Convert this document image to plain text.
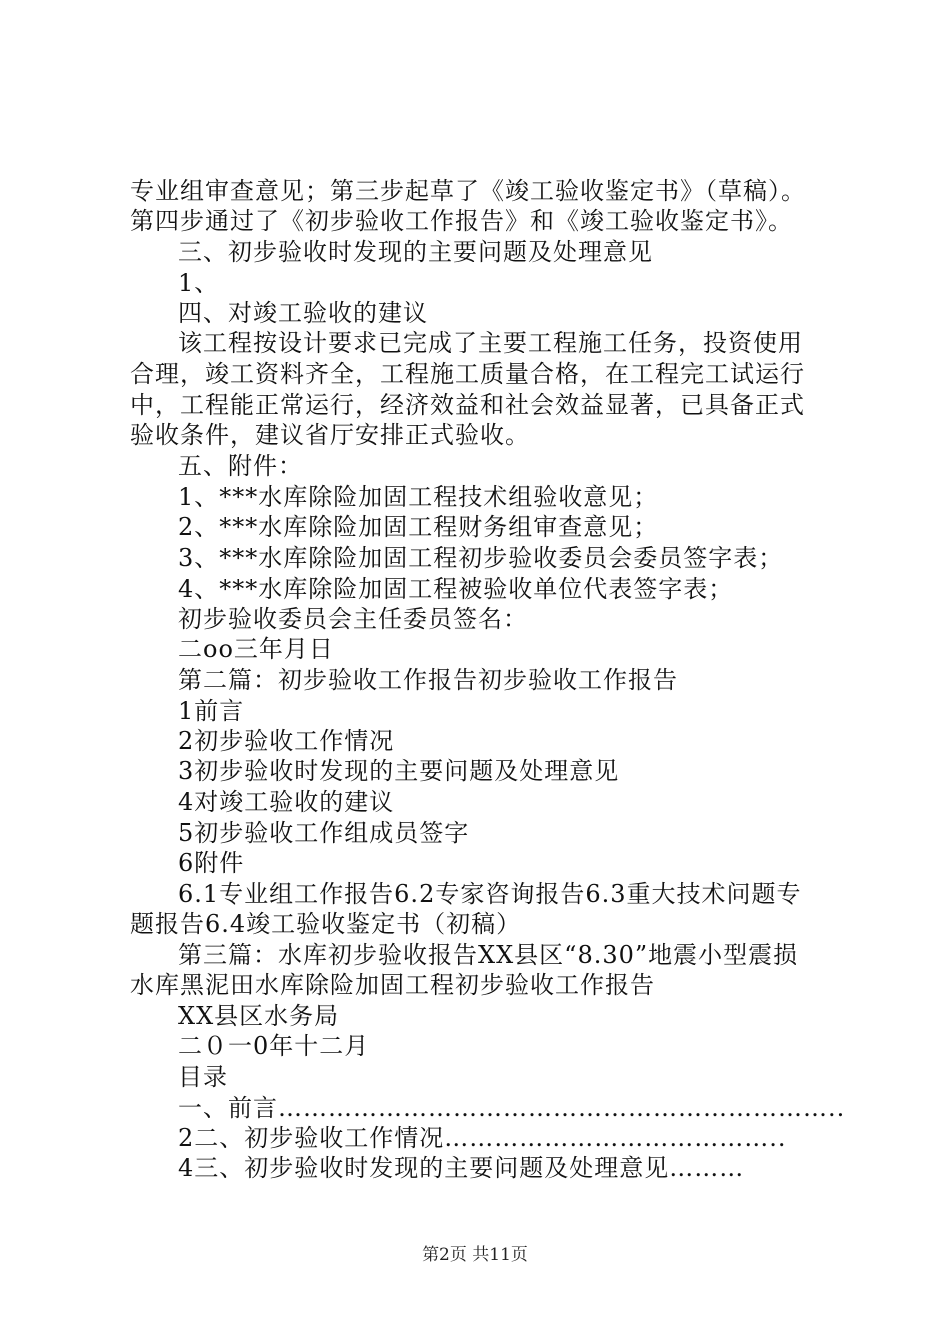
专业组审查意见；第三步起草了《竣工验收鉴定书》（草稿）。
第四步通过了《初步验收工作报告》和《竣工验收鉴定书》。
三、初步验收时发现的主要问题及处理意见
1、
四、对竣工验收的建议
该工程按设计要求已完成了主要工程施工任务，投资使用
合理，竣工资料齐全，工程施工质量合格，在工程完工试运行
中，工程能正常运行，经济效益和社会效益显著，已具备正式
验收条件，建议省厅安排正式验收。
五、附件：
1、***水库除险加固工程技术组验收意见；
2、***水库除险加固工程财务组审查意见；
3、***水库除险加固工程初步验收委员会委员签字表；
4、***水库除险加固工程被验收单位代表签字表；
初步验收委员会主任委员签名：
二oo三年月日
第二篇：初步验收工作报告初步验收工作报告
1前言
2初步验收工作情况
3初步验收时发现的主要问题及处理意见
4对竣工验收的建议
5初步验收工作组成员签字
6附件
6.1专业组工作报告6.2专家咨询报告6.3重大技术问题专
题报告6.4竣工验收鉴定书（初稿）
第三篇：水库初步验收报告XX县区“8.30”地震小型震损
水库黑泥田水库除险加固工程初步验收工作报告
XX县区水务局
二０一0年十二月
目录
一、前言…………………………………………………………..
2二、初步验收工作情况…………………………………..
4三、初步验收时发现的主要问题及处理意见………
第2页 共11页
